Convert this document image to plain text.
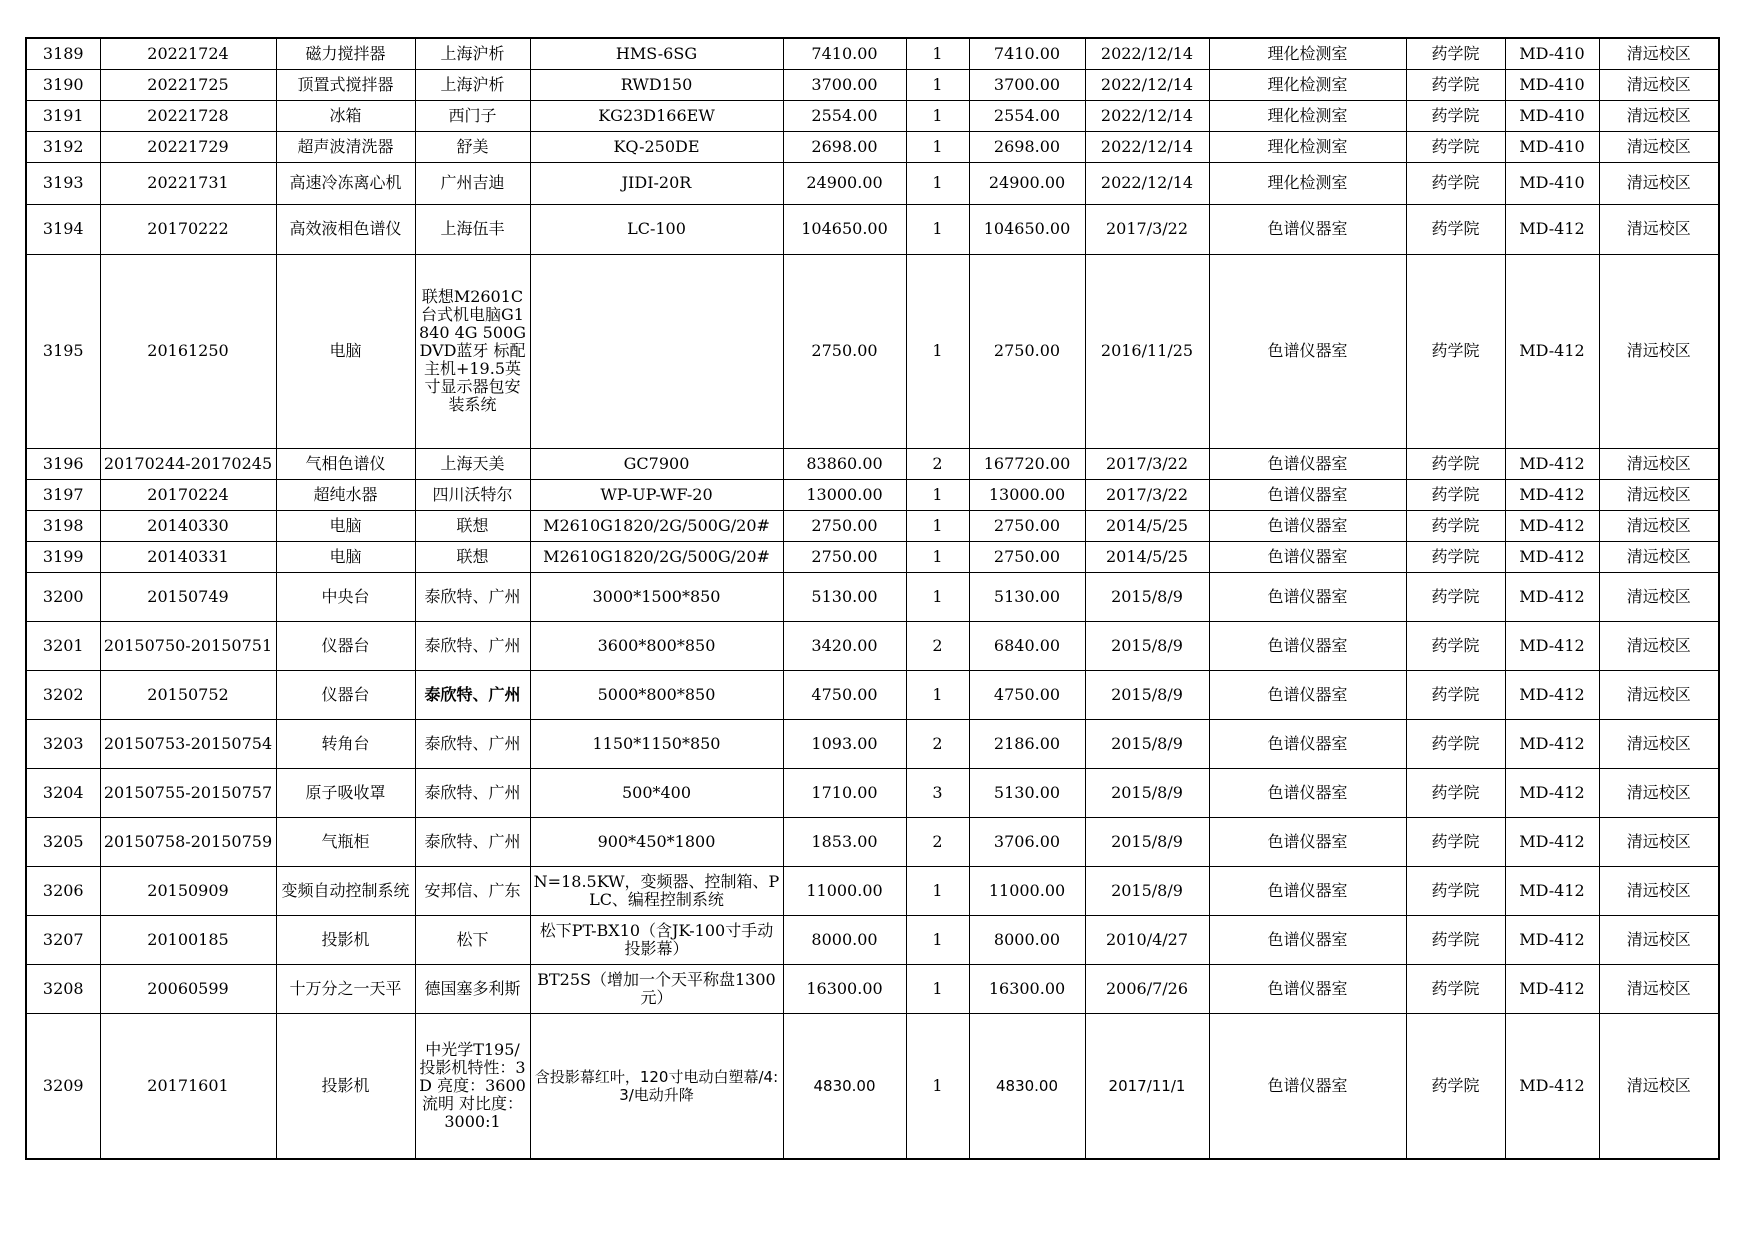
3189	20221724	磁力搅拌器	上海沪析	HMS-6SG	7410.00	1	7410.00	2022/12/14	理化检测室	药学院	MD-410	清远校区
3190	20221725	顶置式搅拌器	上海沪析	RWD150	3700.00	1	3700.00	2022/12/14	理化检测室	药学院	MD-410	清远校区
3191	20221728	冰箱	西门子	KG23D166EW	2554.00	1	2554.00	2022/12/14	理化检测室	药学院	MD-410	清远校区
3192	20221729	超声波清洗器	舒美	KQ-250DE	2698.00	1	2698.00	2022/12/14	理化检测室	药学院	MD-410	清远校区
3193	20221731	高速冷冻离心机	广州吉迪	JIDI-20R	24900.00	1	24900.00	2022/12/14	理化检测室	药学院	MD-410	清远校区
3194	20170222	高效液相色谱仪	上海伍丰	LC-100	104650.00	1	104650.00	2017/3/22	色谱仪器室	药学院	MD-412	清远校区
3195	20161250	电脑	联想M2601C台式机电脑G1840 4G 500G DVD蓝牙 标配主机+19.5英寸显示器包安装系统		2750.00	1	2750.00	2016/11/25	色谱仪器室	药学院	MD-412	清远校区
3196	20170244-20170245	气相色谱仪	上海天美	GC7900	83860.00	2	167720.00	2017/3/22	色谱仪器室	药学院	MD-412	清远校区
3197	20170224	超纯水器	四川沃特尔	WP-UP-WF-20	13000.00	1	13000.00	2017/3/22	色谱仪器室	药学院	MD-412	清远校区
3198	20140330	电脑	联想	M2610G1820/2G/500G/20#	2750.00	1	2750.00	2014/5/25	色谱仪器室	药学院	MD-412	清远校区
3199	20140331	电脑	联想	M2610G1820/2G/500G/20#	2750.00	1	2750.00	2014/5/25	色谱仪器室	药学院	MD-412	清远校区
3200	20150749	中央台	泰欣特、广州	3000*1500*850	5130.00	1	5130.00	2015/8/9	色谱仪器室	药学院	MD-412	清远校区
3201	20150750-20150751	仪器台	泰欣特、广州	3600*800*850	3420.00	2	6840.00	2015/8/9	色谱仪器室	药学院	MD-412	清远校区
3202	20150752	仪器台	泰欣特、广州	5000*800*850	4750.00	1	4750.00	2015/8/9	色谱仪器室	药学院	MD-412	清远校区
3203	20150753-20150754	转角台	泰欣特、广州	1150*1150*850	1093.00	2	2186.00	2015/8/9	色谱仪器室	药学院	MD-412	清远校区
3204	20150755-20150757	原子吸收罩	泰欣特、广州	500*400	1710.00	3	5130.00	2015/8/9	色谱仪器室	药学院	MD-412	清远校区
3205	20150758-20150759	气瓶柜	泰欣特、广州	900*450*1800	1853.00	2	3706.00	2015/8/9	色谱仪器室	药学院	MD-412	清远校区
3206	20150909	变频自动控制系统	安邦信、广东	N=18.5KW，变频器、控制箱、PLC、编程控制系统	11000.00	1	11000.00	2015/8/9	色谱仪器室	药学院	MD-412	清远校区
3207	20100185	投影机	松下	松下PT-BX10（含JK-100寸手动投影幕）	8000.00	1	8000.00	2010/4/27	色谱仪器室	药学院	MD-412	清远校区
3208	20060599	十万分之一天平	德国塞多利斯	BT25S（增加一个天平称盘1300元）	16300.00	1	16300.00	2006/7/26	色谱仪器室	药学院	MD-412	清远校区
3209	20171601	投影机	中光学T195/投影机特性：3D 亮度：3600流明 对比度：3000:1	含投影幕红叶，120寸电动白塑幕/4:3/电动升降	4830.00	1	4830.00	2017/11/1	色谱仪器室	药学院	MD-412	清远校区
